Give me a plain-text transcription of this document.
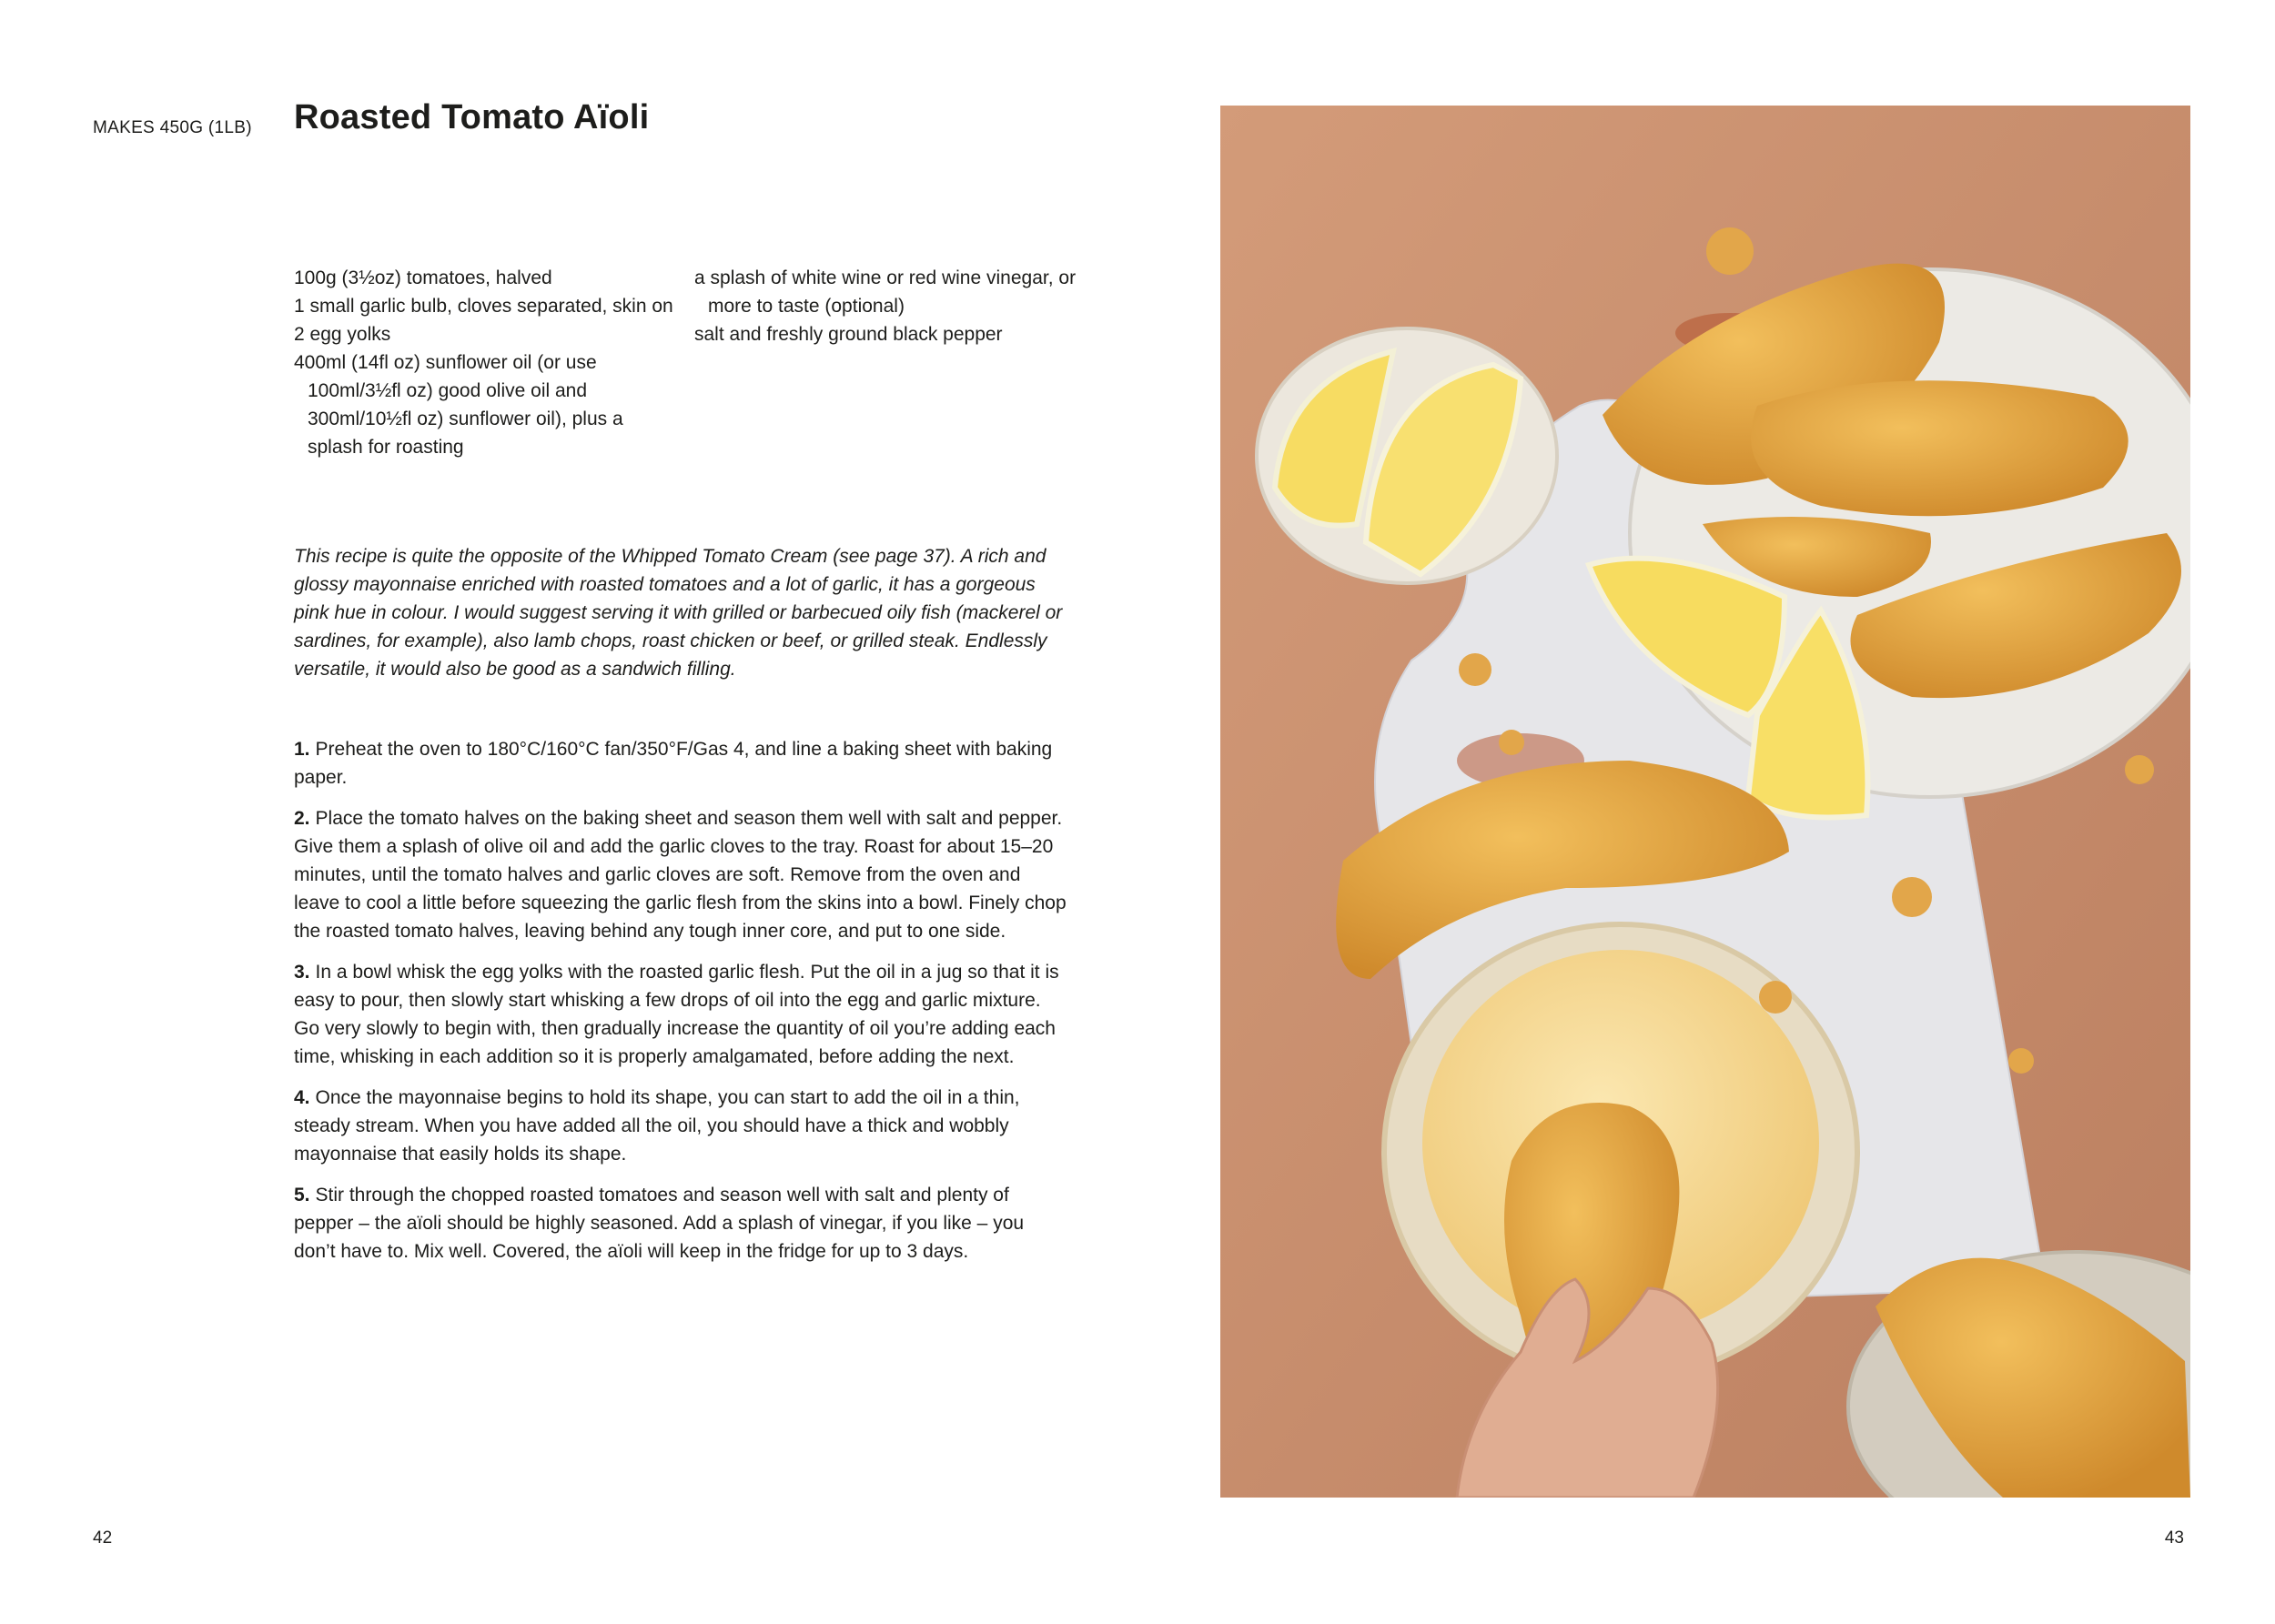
MAKES 450G (1LB) Roasted Tomato Aïoli
100g (3½oz) tomatoes, halved
1 small garlic bulb, cloves separated, skin on
2 egg yolks
400ml (14fl oz) sunflower oil (or use 100ml/3½fl oz) good olive oil and 300ml/10½fl oz) sunflower oil), plus a splash for roasting
a splash of white wine or red wine vinegar, or more to taste (optional)
salt and freshly ground black pepper

This recipe is quite the opposite of the Whipped Tomato Cream (see page 37). A rich and glossy mayonnaise enriched with roasted tomatoes and a lot of garlic, it has a gorgeous pink hue in colour. I would suggest serving it with grilled or barbecued oily fish (mackerel or sardines, for example), also lamb chops, roast chicken or beef, or grilled steak. Endlessly versatile, it would also be good as a sandwich filling.

1. Preheat the oven to 180°C/160°C fan/350°F/Gas 4, and line a baking sheet with baking paper.
2. Place the tomato halves on the baking sheet and season them well with salt and pepper. Give them a splash of olive oil and add the garlic cloves to the tray. Roast for about 15–20 minutes, until the tomato halves and garlic cloves are soft. Remove from the oven and leave to cool a little before squeezing the garlic flesh from the skins into a bowl. Finely chop the roasted tomato halves, leaving behind any tough inner core, and put to one side.
3. In a bowl whisk the egg yolks with the roasted garlic flesh. Put the oil in a jug so that it is easy to pour, then slowly start whisking a few drops of oil into the egg and garlic mixture. Go very slowly to begin with, then gradually increase the quantity of oil you’re adding each time, whisking in each addition so it is properly amalgamated, before adding the next.
4. Once the mayonnaise begins to hold its shape, you can start to add the oil in a thin, steady stream. When you have added all the oil, you should have a thick and wobbly mayonnaise that easily holds its shape.
5. Stir through the chopped roasted tomatoes and season well with salt and plenty of pepper – the aïoli should be highly seasoned. Add a splash of vinegar, if you like – you don’t have to. Mix well. Covered, the aïoli will keep in the fridge for up to 3 days.
42	43
